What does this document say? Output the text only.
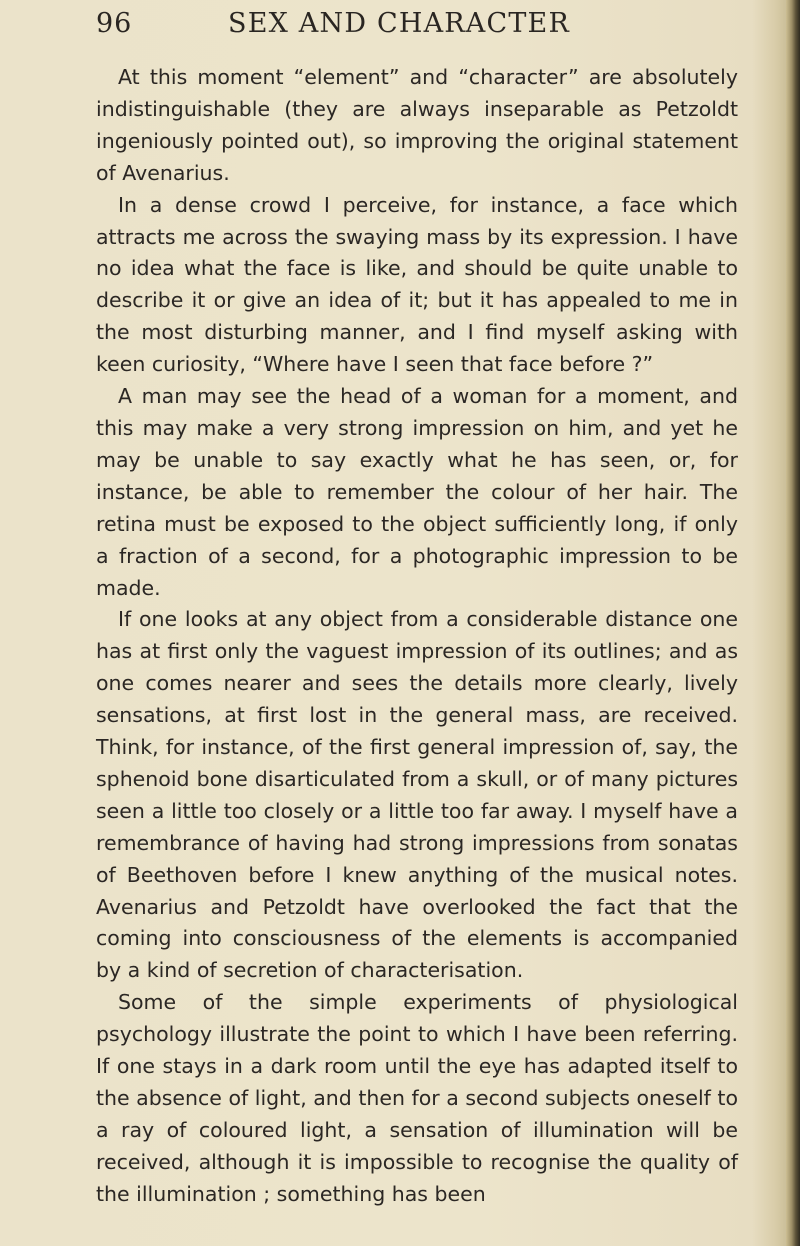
96	SEX AND CHARACTER

At this moment “element” and “character” are absolutely indistinguishable (they are always inseparable as Petzoldt ingeniously pointed out), so improving the original statement of Avenarius.

In a dense crowd I perceive, for instance, a face which attracts me across the swaying mass by its expression. I have no idea what the face is like, and should be quite unable to describe it or give an idea of it; but it has appealed to me in the most disturbing manner, and I find myself asking with keen curiosity, “Where have I seen that face before ?”

A man may see the head of a woman for a moment, and this may make a very strong impression on him, and yet he may be unable to say exactly what he has seen, or, for instance, be able to remember the colour of her hair. The retina must be exposed to the object sufficiently long, if only a fraction of a second, for a photographic impression to be made.

If one looks at any object from a considerable distance one has at first only the vaguest impression of its outlines; and as one comes nearer and sees the details more clearly, lively sensations, at first lost in the general mass, are received. Think, for instance, of the first general impression of, say, the sphenoid bone disarticulated from a skull, or of many pictures seen a little too closely or a little too far away. I myself have a remembrance of having had strong impressions from sonatas of Beethoven before I knew anything of the musical notes. Avenarius and Petzoldt have overlooked the fact that the coming into consciousness of the elements is accompanied by a kind of secretion of characterisation.

Some of the simple experiments of physiological psychology illustrate the point to which I have been referring. If one stays in a dark room until the eye has adapted itself to the absence of light, and then for a second subjects oneself to a ray of coloured light, a sensation of illumination will be received, although it is impossible to recognise the quality of the illumination ; something has been
